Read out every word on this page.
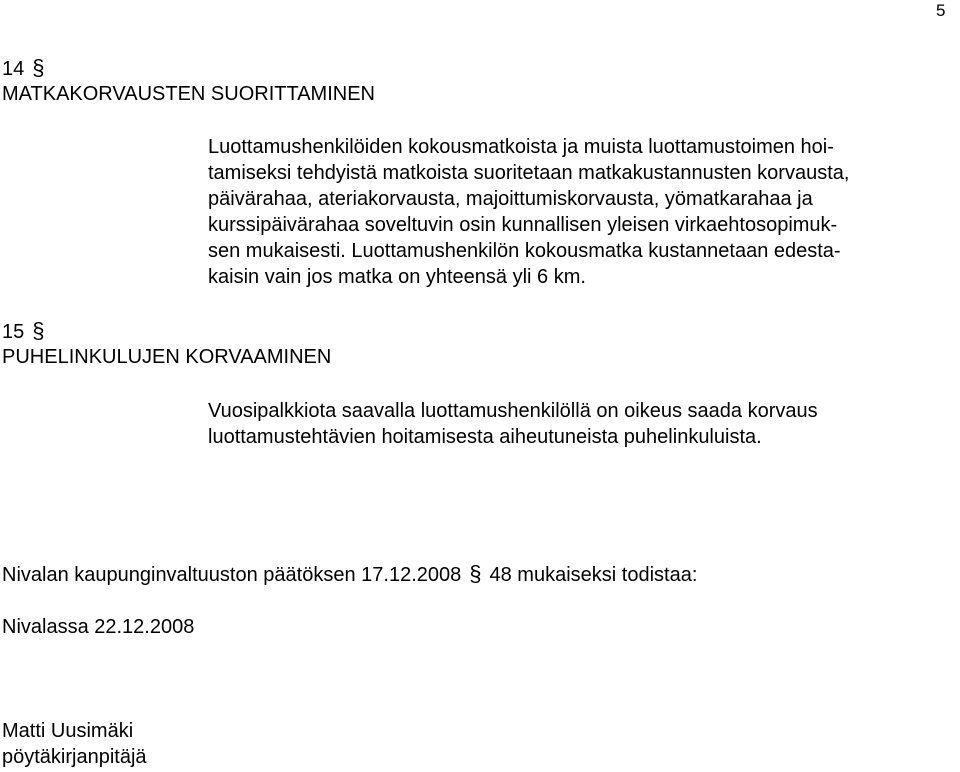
5
14 §
MATKAKORVAUSTEN SUORITTAMINEN
Luottamushenkilöiden kokousmatkoista ja muista luottamustoimen hoi-
tamiseksi tehdyistä matkoista suoritetaan matkakustannusten korvausta,
päivärahaa, ateriakorvausta, majoittumiskorvausta, yömatkarahaa ja
kurssipäivärahaa soveltuvin osin kunnallisen yleisen virkaehtosopimuk-
sen mukaisesti. Luottamushenkilön kokousmatka kustannetaan edesta-
kaisin vain jos matka on yhteensä yli 6 km.
15 §
PUHELINKULUJEN KORVAAMINEN
Vuosipalkkiota saavalla luottamushenkilöllä on oikeus saada korvaus
luottamustehtävien hoitamisesta aiheutuneista puhelinkuluista.
Nivalan kaupunginvaltuuston päätöksen 17.12.2008 § 48 mukaiseksi todistaa:
Nivalassa 22.12.2008
Matti Uusimäki
pöytäkirjanpitäjä
